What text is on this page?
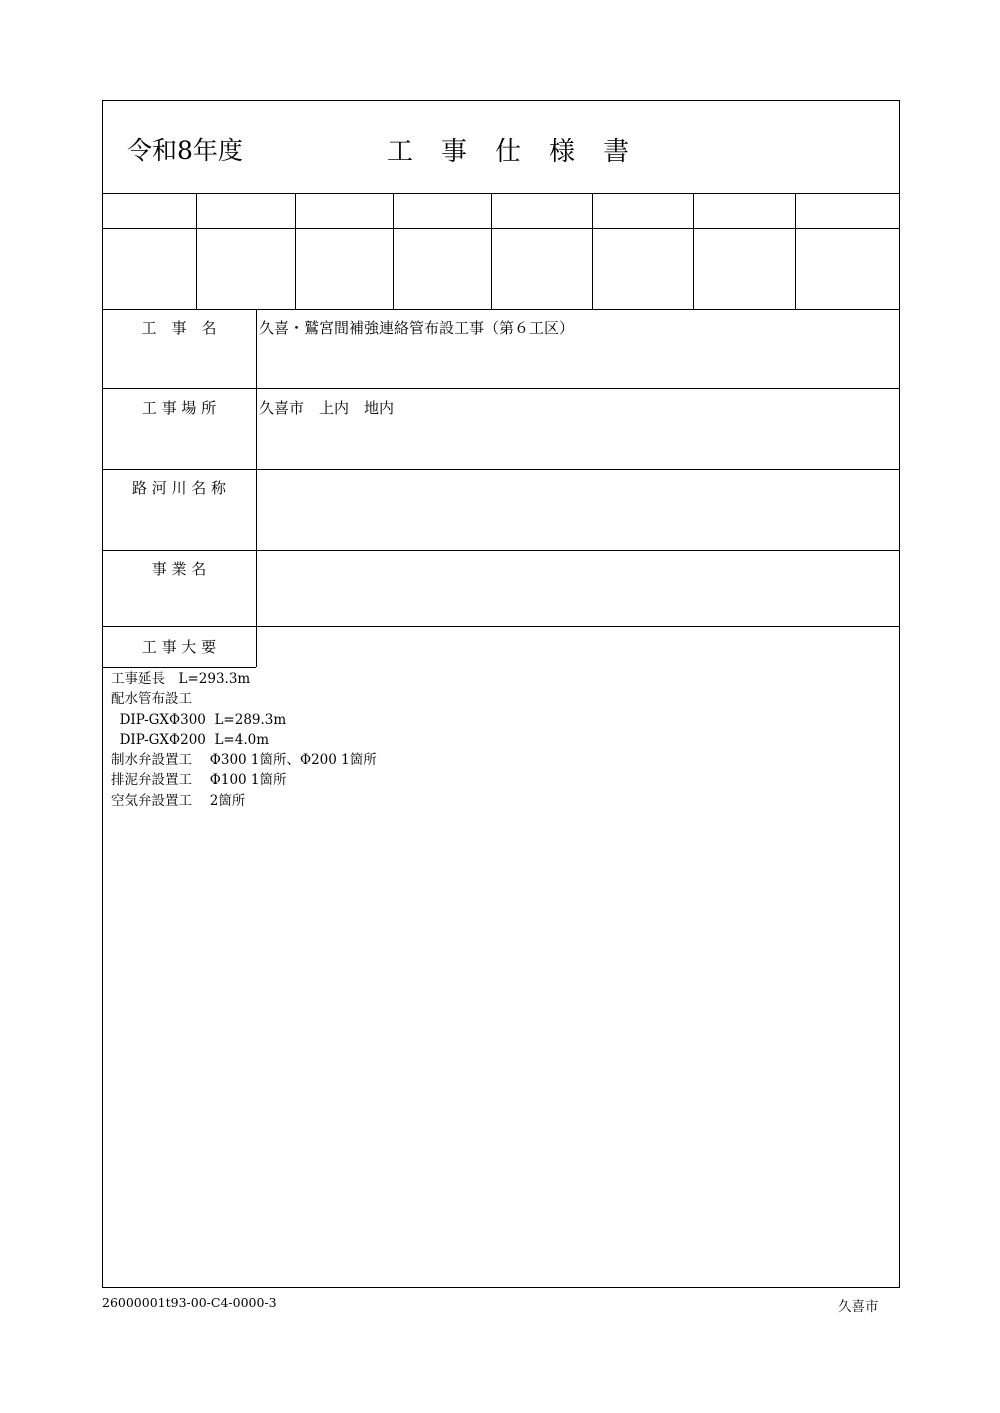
令和8年度	工 事 仕 様 書
工　事　名	久喜・鷲宮間補強連絡管布設工事（第６工区）
工 事 場 所	久喜市　上内　地内
路 河 川 名 称
事 業 名
工 事 大 要
工事延長　L=293.3m
配水管布設工
DIP-GXΦ300  L=289.3m
DIP-GXΦ200  L=4.0m
制水弁設置工　 Φ300 1箇所、Φ200 1箇所
排泥弁設置工　 Φ100 1箇所
空気弁設置工　 2箇所
26000001t93-00-C4-0000-3	久喜市
